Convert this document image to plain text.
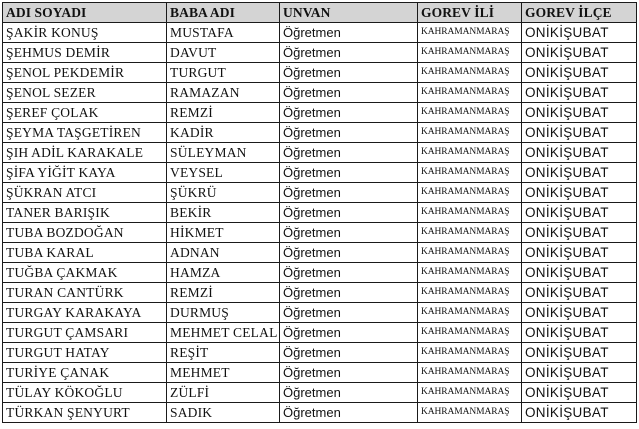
ADI SOYADI	BABA ADI	UNVAN	GOREV İLİ	GOREV İLÇE
ŞAKİR KONUŞ	MUSTAFA	Öğretmen	KAHRAMANMARAŞ	ONİKİŞUBAT
ŞEHMUS DEMİR	DAVUT	Öğretmen	KAHRAMANMARAŞ	ONİKİŞUBAT
ŞENOL PEKDEMİR	TURGUT	Öğretmen	KAHRAMANMARAŞ	ONİKİŞUBAT
ŞENOL SEZER	RAMAZAN	Öğretmen	KAHRAMANMARAŞ	ONİKİŞUBAT
ŞEREF ÇOLAK	REMZİ	Öğretmen	KAHRAMANMARAŞ	ONİKİŞUBAT
ŞEYMA TAŞGETİREN	KADİR	Öğretmen	KAHRAMANMARAŞ	ONİKİŞUBAT
ŞIH ADİL KARAKALE	SÜLEYMAN	Öğretmen	KAHRAMANMARAŞ	ONİKİŞUBAT
ŞİFA YİĞİT KAYA	VEYSEL	Öğretmen	KAHRAMANMARAŞ	ONİKİŞUBAT
ŞÜKRAN ATCI	ŞÜKRÜ	Öğretmen	KAHRAMANMARAŞ	ONİKİŞUBAT
TANER BARIŞIK	BEKİR	Öğretmen	KAHRAMANMARAŞ	ONİKİŞUBAT
TUBA BOZDOĞAN	HİKMET	Öğretmen	KAHRAMANMARAŞ	ONİKİŞUBAT
TUBA KARAL	ADNAN	Öğretmen	KAHRAMANMARAŞ	ONİKİŞUBAT
TUĞBA ÇAKMAK	HAMZA	Öğretmen	KAHRAMANMARAŞ	ONİKİŞUBAT
TURAN CANTÜRK	REMZİ	Öğretmen	KAHRAMANMARAŞ	ONİKİŞUBAT
TURGAY KARAKAYA	DURMUŞ	Öğretmen	KAHRAMANMARAŞ	ONİKİŞUBAT
TURGUT ÇAMSARI	MEHMET CELAL	Öğretmen	KAHRAMANMARAŞ	ONİKİŞUBAT
TURGUT HATAY	REŞİT	Öğretmen	KAHRAMANMARAŞ	ONİKİŞUBAT
TURİYE ÇANAK	MEHMET	Öğretmen	KAHRAMANMARAŞ	ONİKİŞUBAT
TÜLAY KÖKOĞLU	ZÜLFİ	Öğretmen	KAHRAMANMARAŞ	ONİKİŞUBAT
TÜRKAN ŞENYURT	SADIK	Öğretmen	KAHRAMANMARAŞ	ONİKİŞUBAT
